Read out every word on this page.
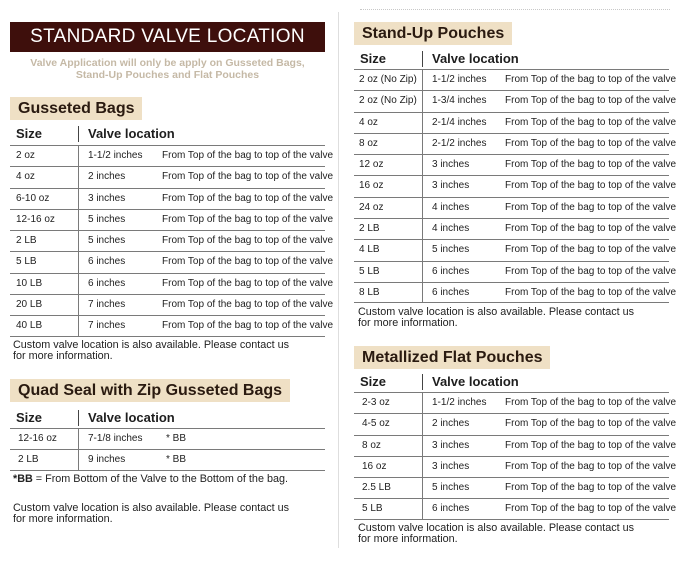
STANDARD VALVE LOCATION
Valve Application will only be apply on Gusseted Bags,
Stand-Up Pouches and Flat Pouches
Gusseted Bags
Size	Valve location
2 oz	1-1/2 inches From Top of the bag to top of the valve
4 oz	2 inches	From Top of the bag to top of the valve
6-10 oz	3 inches	From Top of the bag to top of the valve
12-16 oz	5 inches	From Top of the bag to top of the valve
2 LB	5 inches	From Top of the bag to top of the valve
5 LB	6 inches	From Top of the bag to top of the valve
10 LB	6 inches	From Top of the bag to top of the valve
20 LB	7 inches	From Top of the bag to top of the valve
40 LB	7 inches	From Top of the bag to top of the valve
Custom valve location is also available. Please contact us
for more information.
Quad Seal with Zip Gusseted Bags
Size	Valve location
12-16 oz	7-1/8 inches * BB
2 LB	9 inches	* BB
*BB = From Bottom of the Valve to the Bottom of the bag.
Custom valve location is also available. Please contact us
for more information.
Stand-Up Pouches
Size	Valve location
2 oz (No Zip) 1-1/2 inches From Top of the bag to top of the valve
2 oz (No Zip) 1-3/4 inches From Top of the bag to top of the valve
4 oz	2-1/4 inches From Top of the bag to top of the valve
8 oz	2-1/2 inches From Top of the bag to top of the valve
12 oz	3 inches	From Top of the bag to top of the valve
16 oz	3 inches	From Top of the bag to top of the valve
24 oz	4 inches	From Top of the bag to top of the valve
2 LB	4 inches	From Top of the bag to top of the valve
4 LB	5 inches	From Top of the bag to top of the valve
5 LB	6 inches	From Top of the bag to top of the valve
8 LB	6 inches	From Top of the bag to top of the valve
Custom valve location is also available. Please contact us
for more information.
Metallized Flat Pouches
Size	Valve location
2-3 oz	1-1/2 inches From Top of the bag to top of the valve
4-5 oz	2 inches	From Top of the bag to top of the valve
8 oz	3 inches	From Top of the bag to top of the valve
16 oz	3 inches	From Top of the bag to top of the valve
2.5 LB	5 inches	From Top of the bag to top of the valve
5 LB	6 inches	From Top of the bag to top of the valve
Custom valve location is also available. Please contact us
for more information.
